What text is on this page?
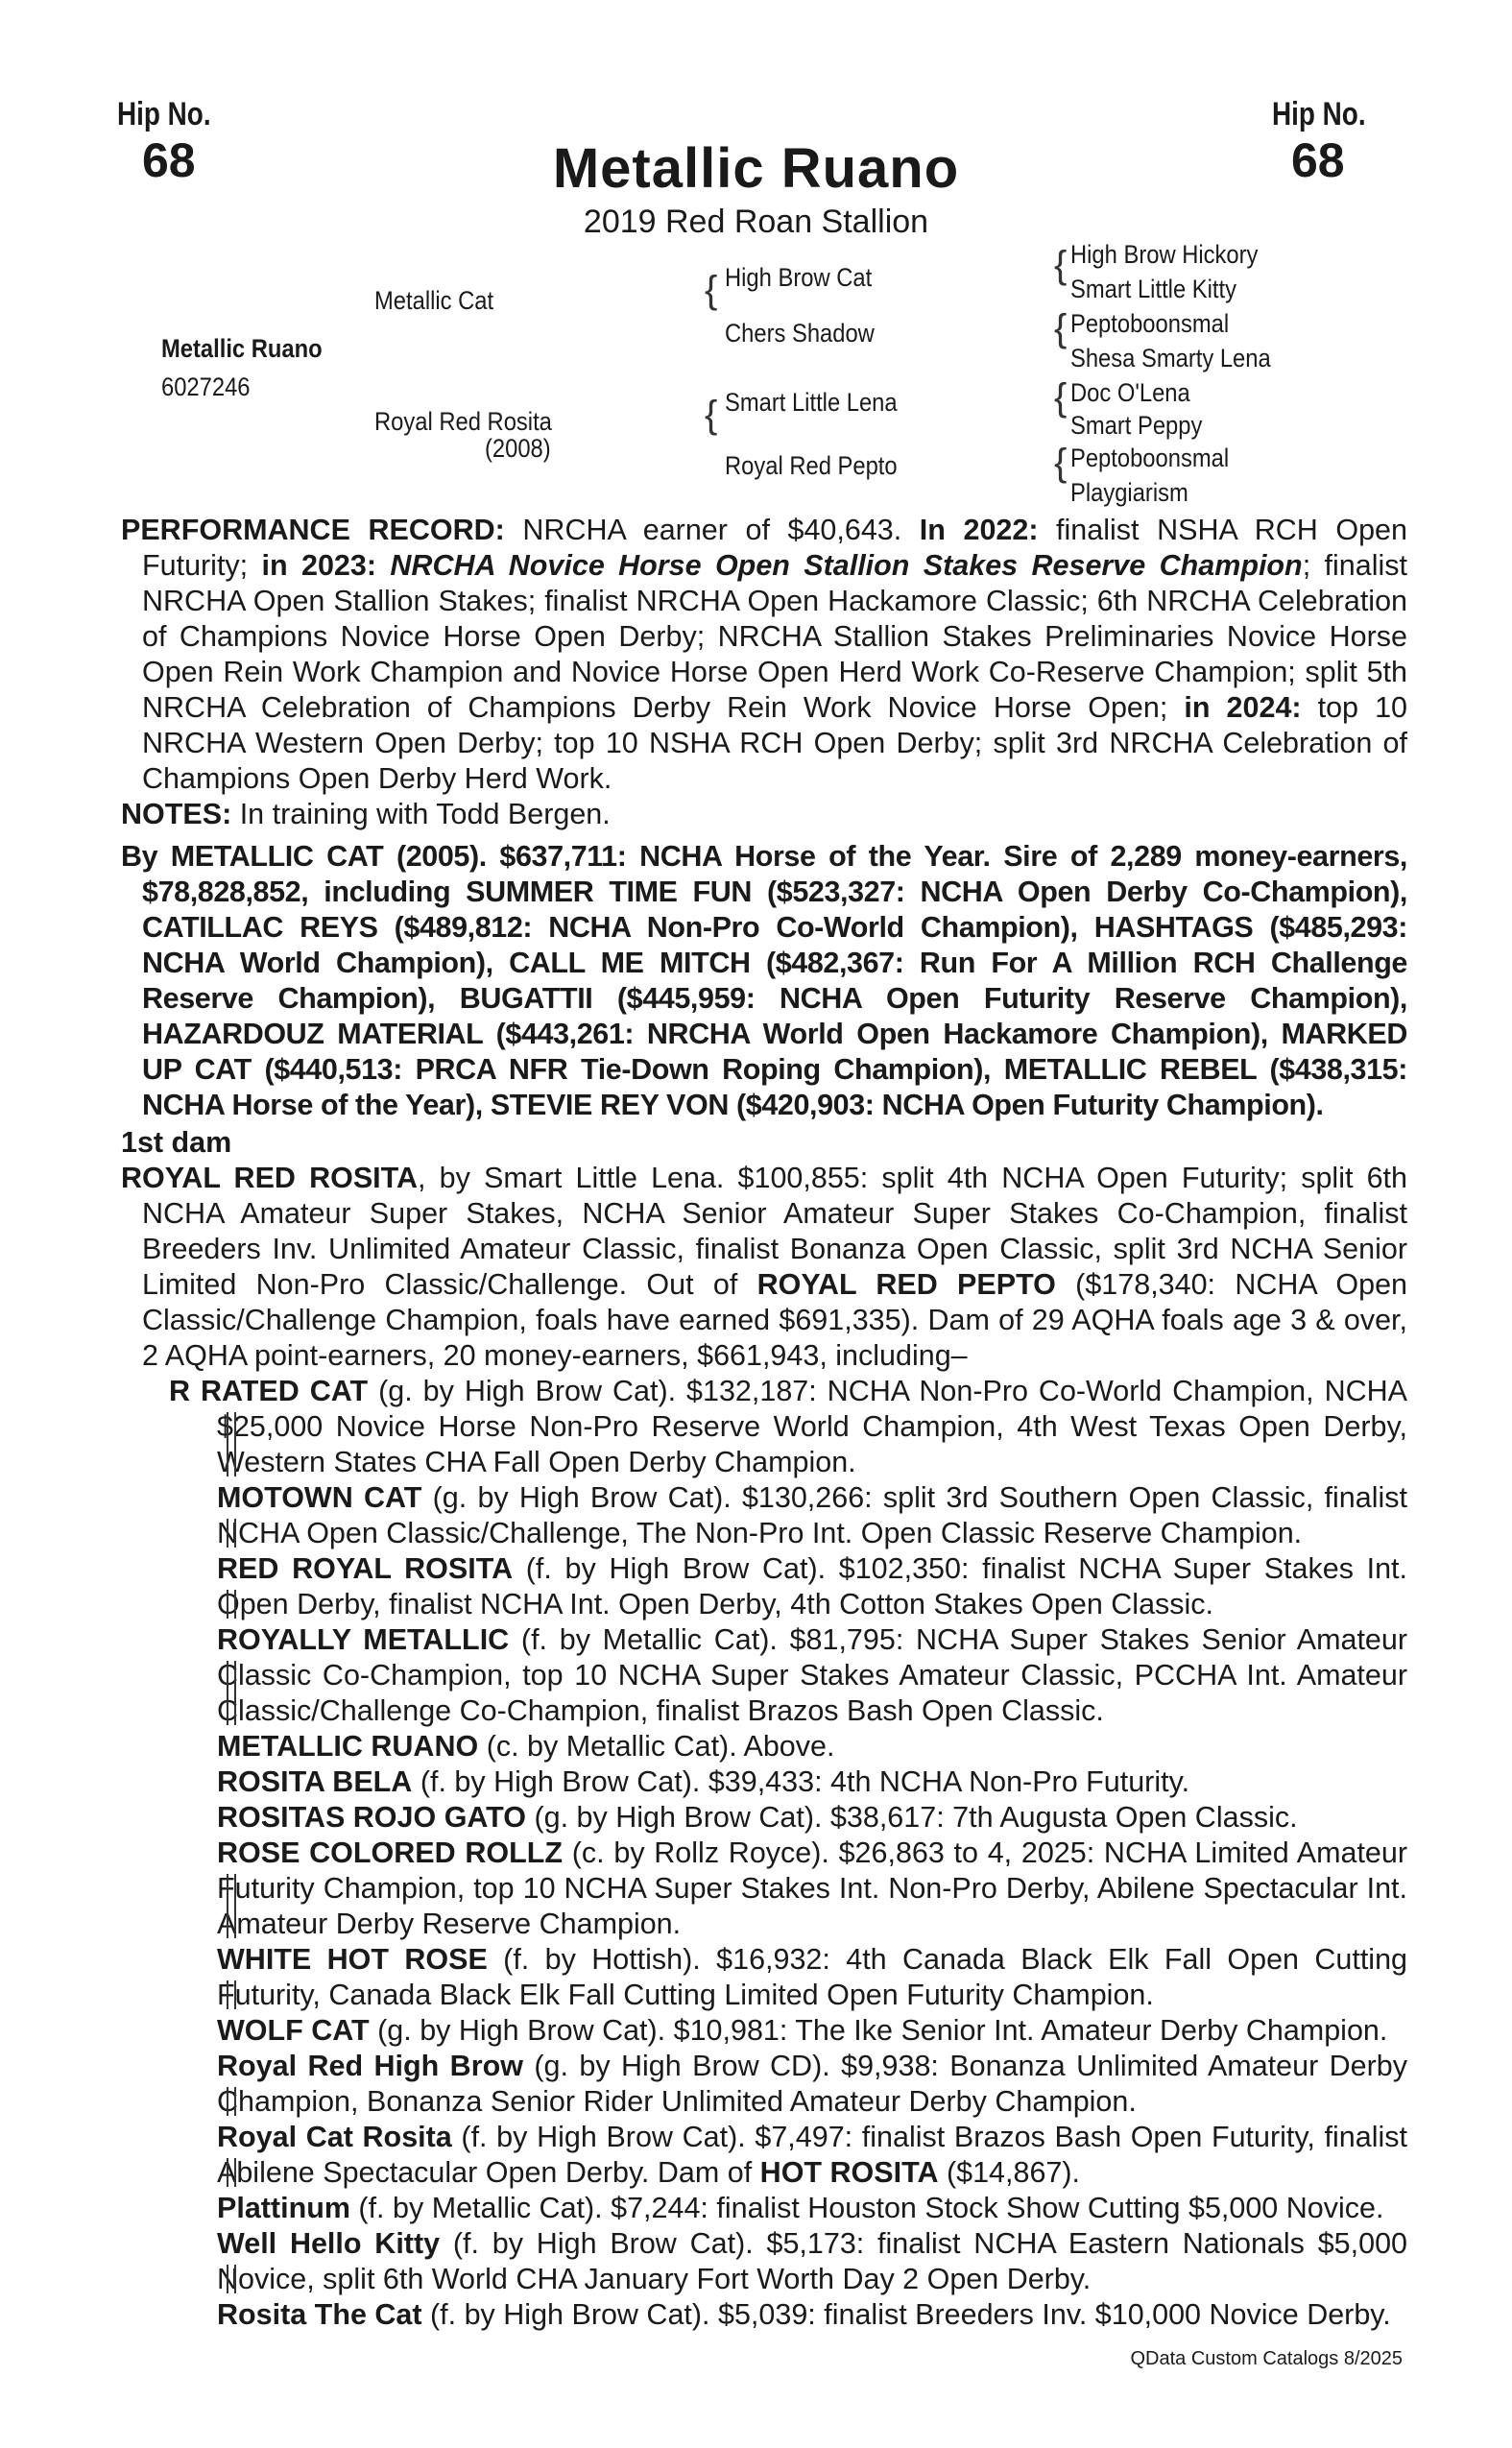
Hip No.
68
Hip No.
68
Metallic Ruano
2019 Red Roan Stallion
Metallic Ruano
6027246
Metallic Cat
Royal Red Rosita
(2008)
{
{
High Brow Cat
Chers Shadow
Smart Little Lena
Royal Red Pepto
{
{
{
{
High Brow Hickory
Smart Little Kitty
Peptoboonsmal
Shesa Smarty Lena
Doc O'Lena
Smart Peppy
Peptoboonsmal
Playgiarism

PERFORMANCE RECORD: NRCHA earner of $40,643. In 2022: finalist NSHA RCH Open Futurity; in 2023: NRCHA Novice Horse Open Stallion Stakes Reserve Champion; finalist NRCHA Open Stallion Stakes; finalist NRCHA Open Hackamore Classic; 6th NRCHA Celebration of Champions Novice Horse Open Derby; NRCHA Stallion Stakes Preliminaries Novice Horse Open Rein Work Champion and Novice Horse Open Herd Work Co-Reserve Champion; split 5th NRCHA Celebration of Champions Derby Rein Work Novice Horse Open; in 2024: top 10 NRCHA Western Open Derby; top 10 NSHA RCH Open Derby; split 3rd NRCHA Celebration of Champions Open Derby Herd Work.

NOTES: In training with Todd Bergen.

By METALLIC CAT (2005). $637,711: NCHA Horse of the Year. Sire of 2,289 money-earners, $78,828,852, including SUMMER TIME FUN ($523,327: NCHA Open Derby Co-Champion), CATILLAC REYS ($489,812: NCHA Non-Pro Co-World Champion), HASHTAGS ($485,293: NCHA World Champion), CALL ME MITCH ($482,367: Run For A Million RCH Challenge Reserve Champion), BUGATTII ($445,959: NCHA Open Futurity Reserve Champion), HAZARDOUZ MATERIAL ($443,261: NRCHA World Open Hackamore Champion), MARKED UP CAT ($440,513: PRCA NFR Tie-Down Roping Champion), METALLIC REBEL ($438,315: NCHA Horse of the Year), STEVIE REY VON ($420,903: NCHA Open Futurity Champion).

1st dam

ROYAL RED ROSITA, by Smart Little Lena. $100,855: split 4th NCHA Open Futurity; split 6th NCHA Amateur Super Stakes, NCHA Senior Amateur Super Stakes Co-Champion, finalist Breeders Inv. Unlimited Amateur Classic, finalist Bonanza Open Classic, split 3rd NCHA Senior Limited Non-Pro Classic/Challenge. Out of ROYAL RED PEPTO ($178,340: NCHA Open Classic/Challenge Champion, foals have earned $691,335). Dam of 29 AQHA foals age 3 & over, 2 AQHA point-earners, 20 money-earners, $661,943, including–

R RATED CAT (g. by High Brow Cat). $132,187: NCHA Non-Pro Co-World Champion, NCHA $25,000 Novice Horse Non-Pro Reserve World Champion, 4th West Texas Open Derby, Western States CHA Fall Open Derby Champion.

MOTOWN CAT (g. by High Brow Cat). $130,266: split 3rd Southern Open Classic, finalist NCHA Open Classic/Challenge, The Non-Pro Int. Open Classic Reserve Champion.

RED ROYAL ROSITA (f. by High Brow Cat). $102,350: finalist NCHA Super Stakes Int. Open Derby, finalist NCHA Int. Open Derby, 4th Cotton Stakes Open Classic.

ROYALLY METALLIC (f. by Metallic Cat). $81,795: NCHA Super Stakes Senior Amateur Classic Co-Champion, top 10 NCHA Super Stakes Amateur Classic, PCCHA Int. Amateur Classic/Challenge Co-Champion, finalist Brazos Bash Open Classic.

METALLIC RUANO (c. by Metallic Cat). Above.

ROSITA BELA (f. by High Brow Cat). $39,433: 4th NCHA Non-Pro Futurity.

ROSITAS ROJO GATO (g. by High Brow Cat). $38,617: 7th Augusta Open Classic.

ROSE COLORED ROLLZ (c. by Rollz Royce). $26,863 to 4, 2025: NCHA Limited Amateur Futurity Champion, top 10 NCHA Super Stakes Int. Non-Pro Derby, Abilene Spectacular Int. Amateur Derby Reserve Champion.

WHITE HOT ROSE (f. by Hottish). $16,932: 4th Canada Black Elk Fall Open Cutting Futurity, Canada Black Elk Fall Cutting Limited Open Futurity Champion.

WOLF CAT (g. by High Brow Cat). $10,981: The Ike Senior Int. Amateur Derby Champion.

Royal Red High Brow (g. by High Brow CD). $9,938: Bonanza Unlimited Amateur Derby Champion, Bonanza Senior Rider Unlimited Amateur Derby Champion.

Royal Cat Rosita (f. by High Brow Cat). $7,497: finalist Brazos Bash Open Futurity, finalist Abilene Spectacular Open Derby. Dam of HOT ROSITA ($14,867).

Plattinum (f. by Metallic Cat). $7,244: finalist Houston Stock Show Cutting $5,000 Novice.

Well Hello Kitty (f. by High Brow Cat). $5,173: finalist NCHA Eastern Nationals $5,000 Novice, split 6th World CHA January Fort Worth Day 2 Open Derby.

Rosita The Cat (f. by High Brow Cat). $5,039: finalist Breeders Inv. $10,000 Novice Derby.

QData Custom Catalogs 8/2025
